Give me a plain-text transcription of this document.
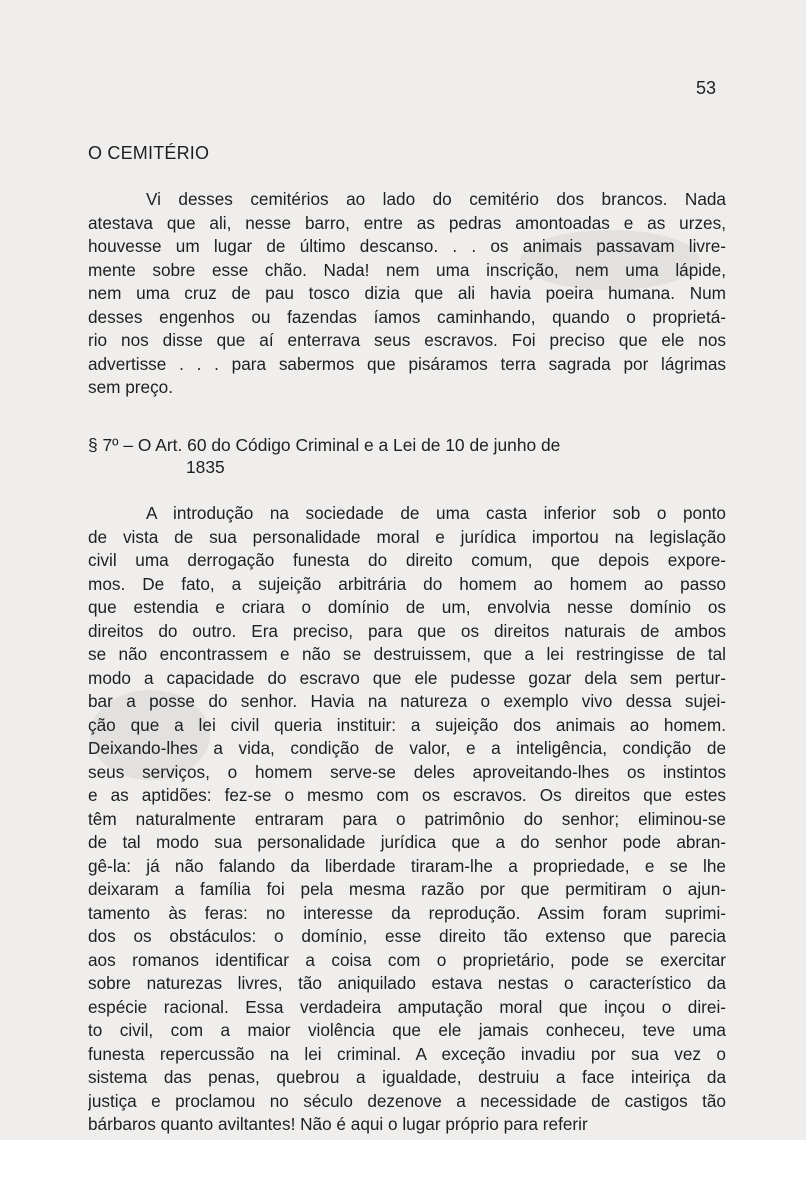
53
O CEMITÉRIO
Vi desses cemitérios ao lado do cemitério dos brancos. Nada
atestava que ali, nesse barro, entre as pedras amontoadas e as urzes,
houvesse um lugar de último descanso. . . os animais passavam livre-
mente sobre esse chão. Nada! nem uma inscrição, nem uma lápide,
nem uma cruz de pau tosco dizia que ali havia poeira humana. Num
desses engenhos ou fazendas íamos caminhando, quando o proprietá-
rio nos disse que aí enterrava seus escravos. Foi preciso que ele nos
advertisse . . . para sabermos que pisáramos terra sagrada por lágrimas
sem preço.
§ 7º – O Art. 60 do Código Criminal e a Lei de 10 de junho de
1835
A introdução na sociedade de uma casta inferior sob o ponto
de vista de sua personalidade moral e jurídica importou na legislação
civil uma derrogação funesta do direito comum, que depois expore-
mos. De fato, a sujeição arbitrária do homem ao homem ao passo
que estendia e criara o domínio de um, envolvia nesse domínio os
direitos do outro. Era preciso, para que os direitos naturais de ambos
se não encontrassem e não se destruissem, que a lei restringisse de tal
modo a capacidade do escravo que ele pudesse gozar dela sem pertur-
bar a posse do senhor. Havia na natureza o exemplo vivo dessa sujei-
ção que a lei civil queria instituir: a sujeição dos animais ao homem.
Deixando-lhes a vida, condição de valor, e a inteligência, condição de
seus serviços, o homem serve-se deles aproveitando-lhes os instintos
e as aptidões: fez-se o mesmo com os escravos. Os direitos que estes
têm naturalmente entraram para o patrimônio do senhor; eliminou-se
de tal modo sua personalidade jurídica que a do senhor pode abran-
gê-la: já não falando da liberdade tiraram-lhe a propriedade, e se lhe
deixaram a família foi pela mesma razão por que permitiram o ajun-
tamento às feras: no interesse da reprodução. Assim foram suprimi-
dos os obstáculos: o domínio, esse direito tão extenso que parecia
aos romanos identificar a coisa com o proprietário, pode se exercitar
sobre naturezas livres, tão aniquilado estava nestas o característico da
espécie racional. Essa verdadeira amputação moral que inçou o direi-
to civil, com a maior violência que ele jamais conheceu, teve uma
funesta repercussão na lei criminal. A exceção invadiu por sua vez o
sistema das penas, quebrou a igualdade, destruiu a face inteiriça da
justiça e proclamou no século dezenove a necessidade de castigos tão
bárbaros quanto aviltantes! Não é aqui o lugar próprio para referir
